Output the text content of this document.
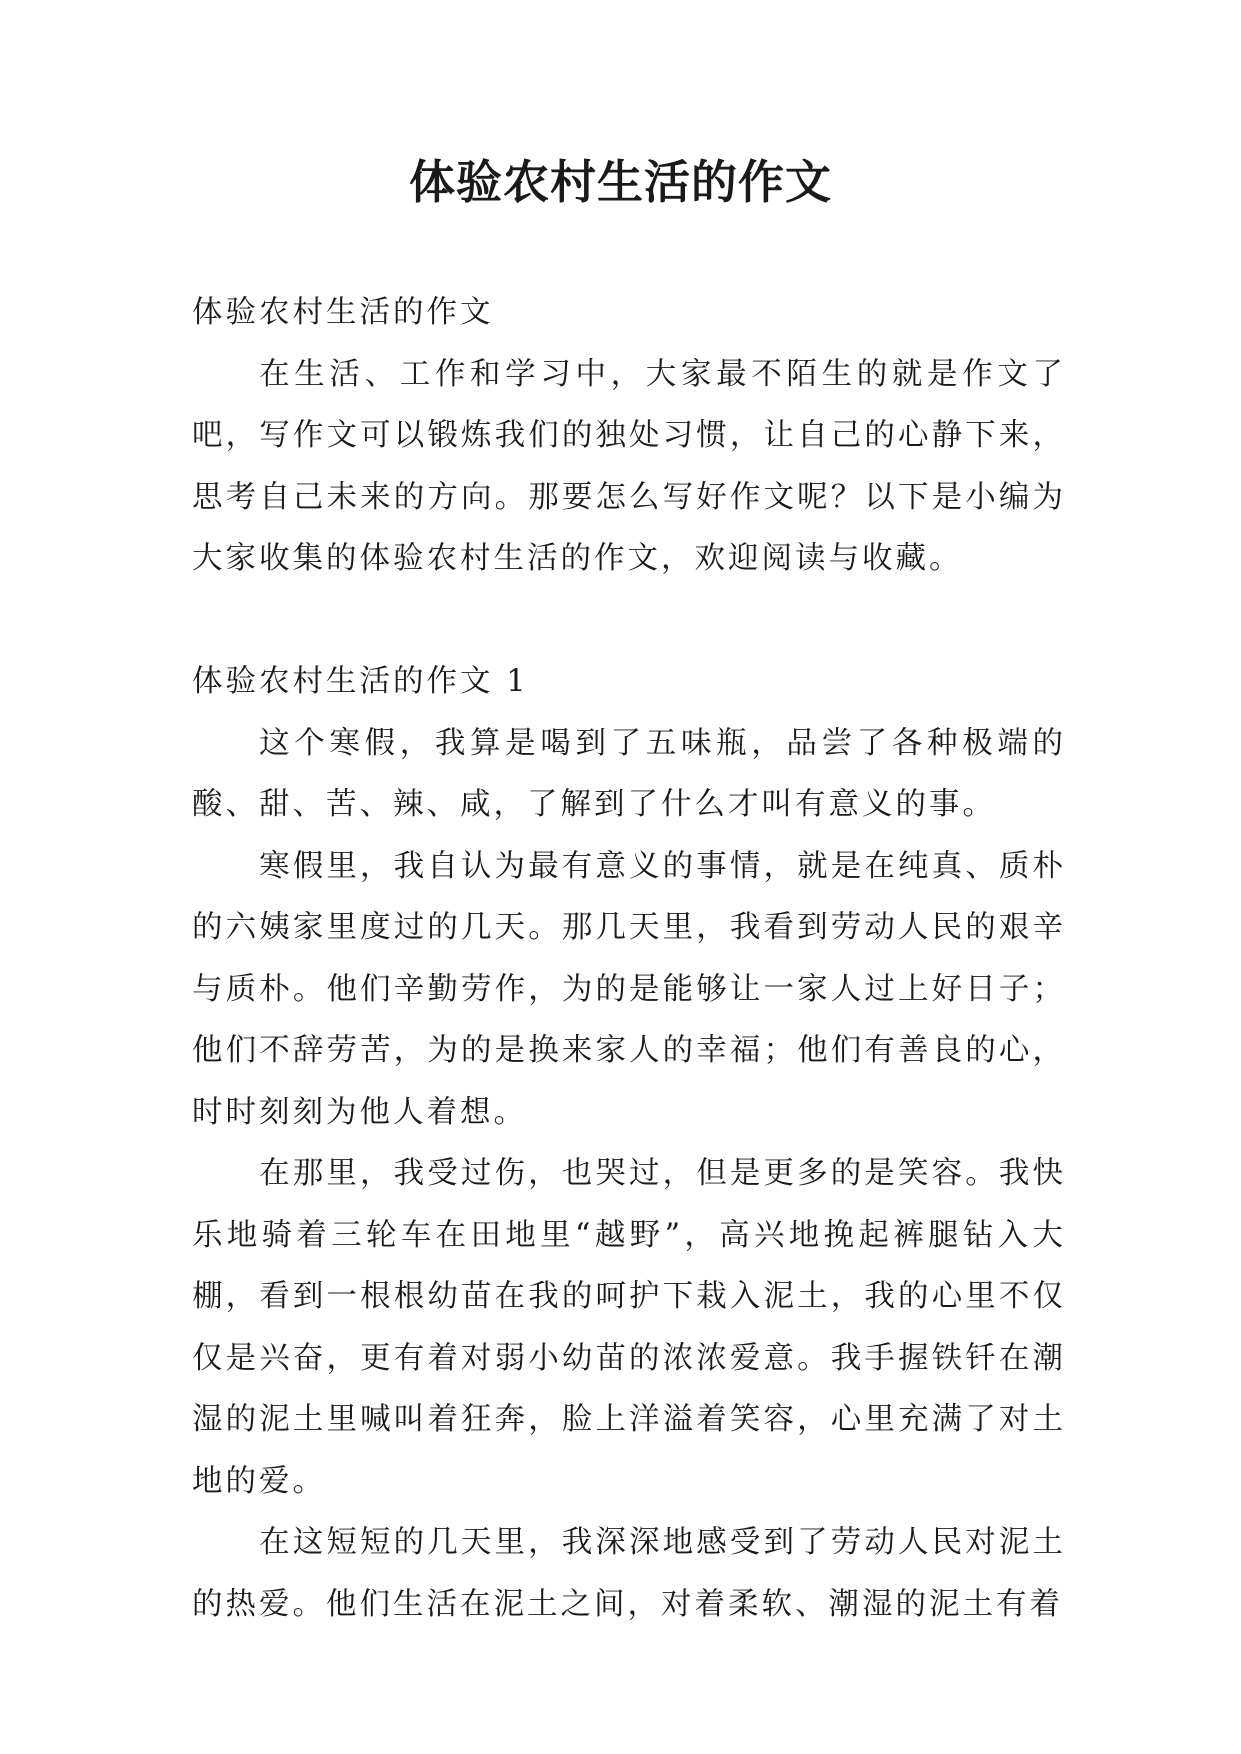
体验农村生活的作文

体验农村生活的作文

在生活、工作和学习中，大家最不陌生的就是作文了吧，写作文可以锻炼我们的独处习惯，让自己的心静下来，思考自己未来的方向。那要怎么写好作文呢？以下是小编为大家收集的体验农村生活的作文，欢迎阅读与收藏。

体验农村生活的作文 1

这个寒假，我算是喝到了五味瓶，品尝了各种极端的酸、甜、苦、辣、咸，了解到了什么才叫有意义的事。

寒假里，我自认为最有意义的事情，就是在纯真、质朴的六姨家里度过的几天。那几天里，我看到劳动人民的艰辛与质朴。他们辛勤劳作，为的是能够让一家人过上好日子；他们不辞劳苦，为的是换来家人的幸福；他们有善良的心，时时刻刻为他人着想。

在那里，我受过伤，也哭过，但是更多的是笑容。我快乐地骑着三轮车在田地里“越野”，高兴地挽起裤腿钻入大棚，看到一根根幼苗在我的呵护下栽入泥土，我的心里不仅仅是兴奋，更有着对弱小幼苗的浓浓爱意。我手握铁钎在潮湿的泥土里喊叫着狂奔，脸上洋溢着笑容，心里充满了对土地的爱。

在这短短的几天里，我深深地感受到了劳动人民对泥土的热爱。他们生活在泥土之间，对着柔软、潮湿的泥土有着
